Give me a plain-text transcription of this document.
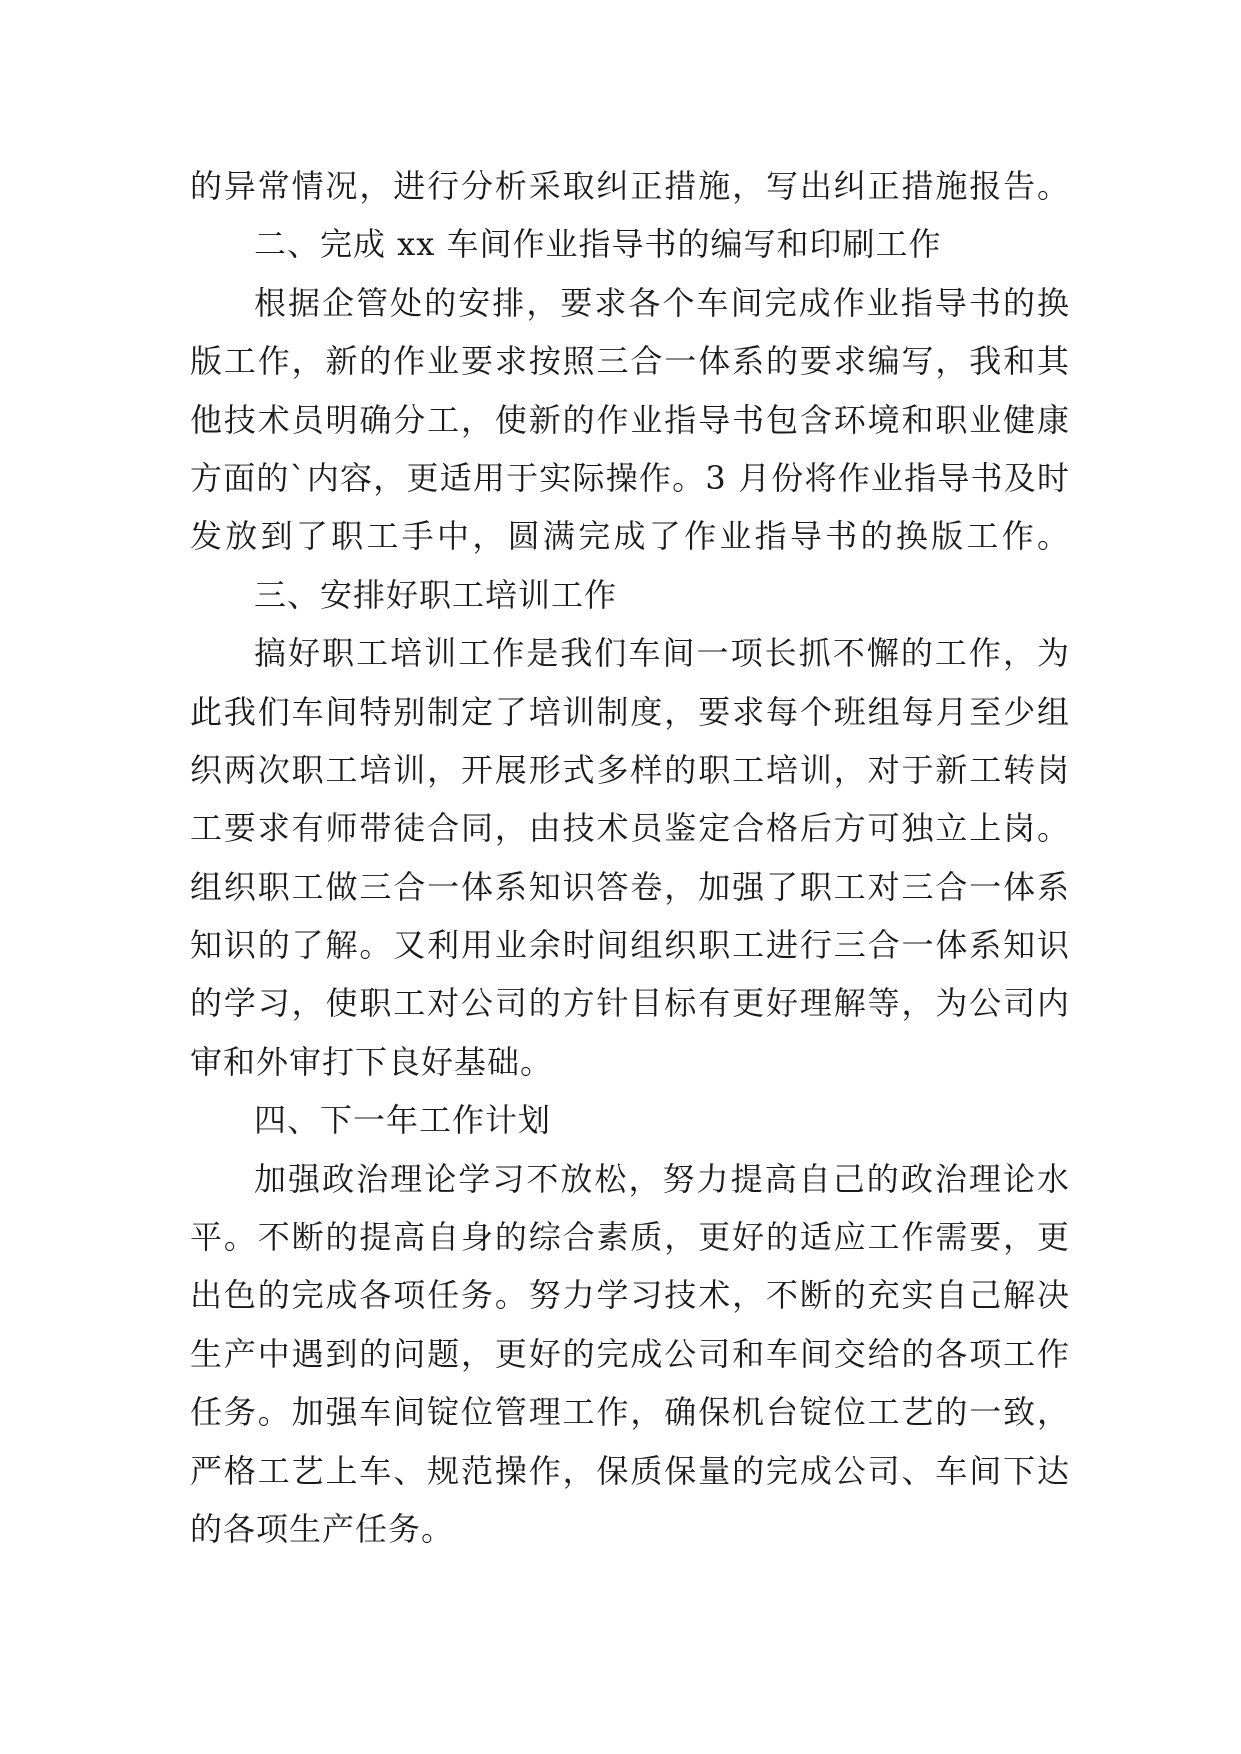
的异常情况，进行分析采取纠正措施，写出纠正措施报告。
二、完成 xx 车间作业指导书的编写和印刷工作
根据企管处的安排，要求各个车间完成作业指导书的换
版工作，新的作业要求按照三合一体系的要求编写，我和其
他技术员明确分工，使新的作业指导书包含环境和职业健康
方面的`内容，更适用于实际操作。3 月份将作业指导书及时
发放到了职工手中，圆满完成了作业指导书的换版工作。
三、安排好职工培训工作
搞好职工培训工作是我们车间一项长抓不懈的工作，为
此我们车间特别制定了培训制度，要求每个班组每月至少组
织两次职工培训，开展形式多样的职工培训，对于新工转岗
工要求有师带徒合同，由技术员鉴定合格后方可独立上岗。
组织职工做三合一体系知识答卷，加强了职工对三合一体系
知识的了解。又利用业余时间组织职工进行三合一体系知识
的学习，使职工对公司的方针目标有更好理解等，为公司内
审和外审打下良好基础。
四、下一年工作计划
加强政治理论学习不放松，努力提高自己的政治理论水
平。不断的提高自身的综合素质，更好的适应工作需要，更
出色的完成各项任务。努力学习技术，不断的充实自己解决
生产中遇到的问题，更好的完成公司和车间交给的各项工作
任务。加强车间锭位管理工作，确保机台锭位工艺的一致，
严格工艺上车、规范操作，保质保量的完成公司、车间下达
的各项生产任务。
